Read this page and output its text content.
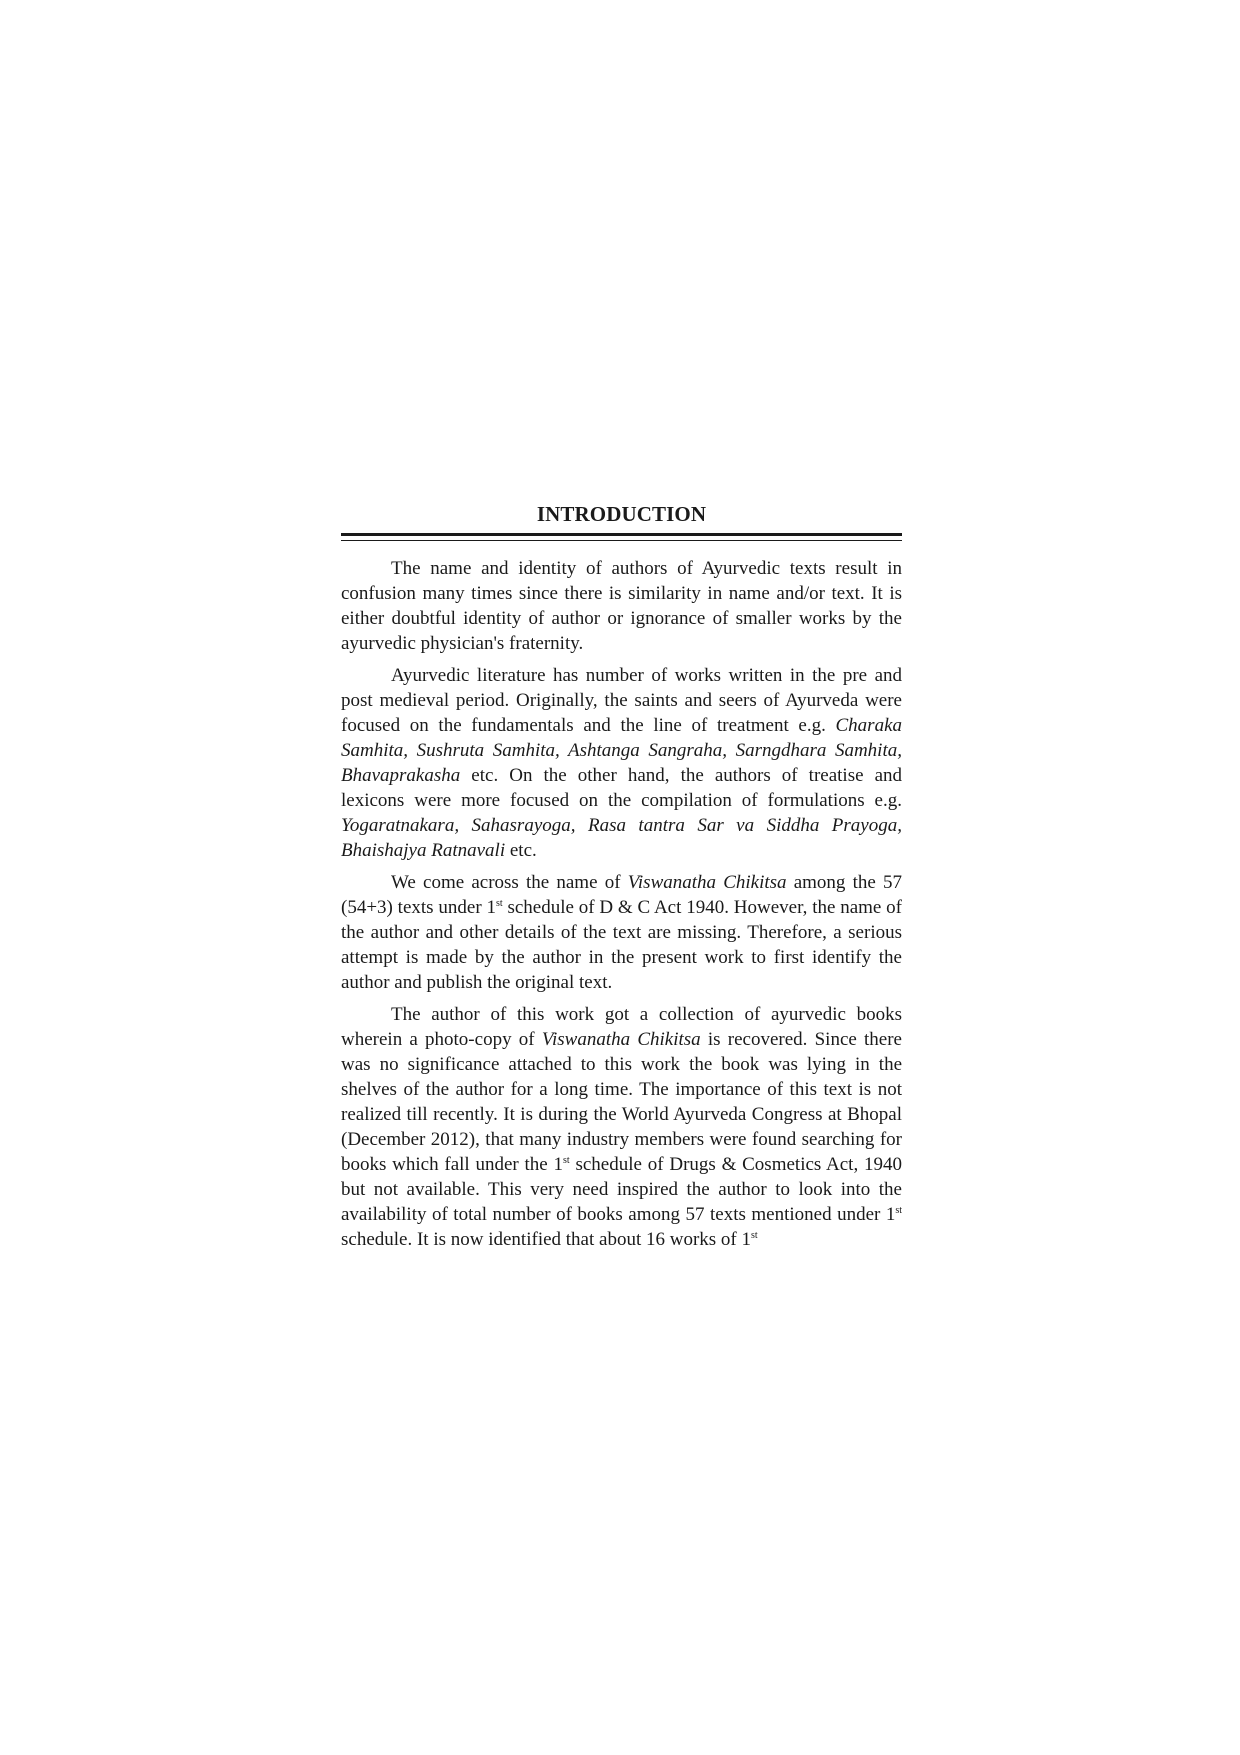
INTRODUCTION

The name and identity of authors of Ayurvedic texts result in confusion many times since there is similarity in name and/or text. It is either doubtful identity of author or ignorance of smaller works by the ayurvedic physician's fraternity.

Ayurvedic literature has number of works written in the pre and post medieval period. Originally, the saints and seers of Ayurveda were focused on the fundamentals and the line of treatment e.g. Charaka Samhita, Sushruta Samhita, Ashtanga Sangraha, Sarngdhara Samhita, Bhavaprakasha etc. On the other hand, the authors of treatise and lexicons were more focused on the compilation of formulations e.g. Yogaratnakara, Sahasrayoga, Rasa tantra Sar va Siddha Prayoga, Bhaishajya Ratnavali etc.

We come across the name of Viswanatha Chikitsa among the 57 (54+3) texts under 1st schedule of D & C Act 1940. However, the name of the author and other details of the text are missing. Therefore, a serious attempt is made by the author in the present work to first identify the author and publish the original text.

The author of this work got a collection of ayurvedic books wherein a photo-copy of Viswanatha Chikitsa is recovered. Since there was no significance attached to this work the book was lying in the shelves of the author for a long time. The importance of this text is not realized till recently. It is during the World Ayurveda Congress at Bhopal (December 2012), that many industry members were found searching for books which fall under the 1st schedule of Drugs & Cosmetics Act, 1940 but not available. This very need inspired the author to look into the availability of total number of books among 57 texts mentioned under 1st schedule. It is now identified that about 16 works of 1st
